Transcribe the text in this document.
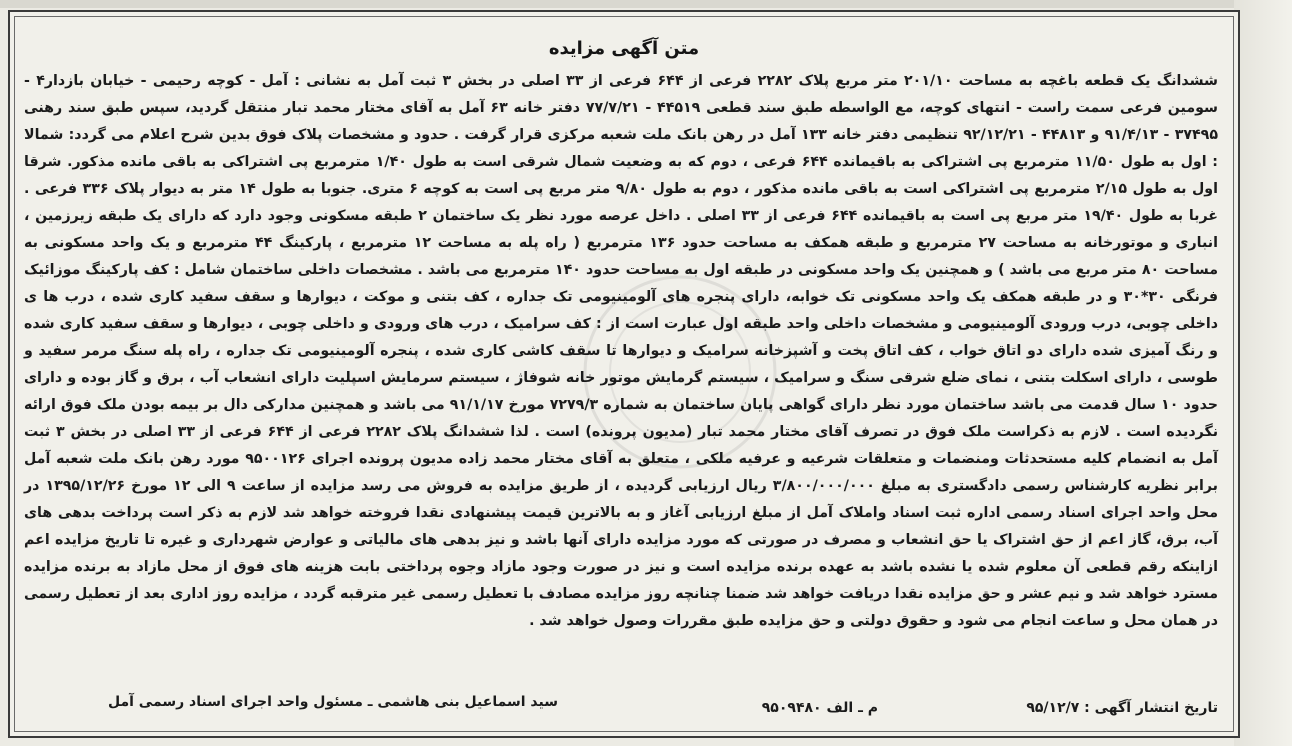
متن آگهی مزایده

ششدانگ یک قطعه باغچه به مساحت ۲۰۱/۱۰ متر مربع پلاک ۲۲۸۲ فرعی از ۶۴۴ فرعی از ۳۳ اصلی در بخش ۳ ثبت آمل به نشانی : آمل - کوچه رحیمی - خیابان بازدار۴ - سومین فرعی سمت راست - انتهای کوچه، مع الواسطه طبق سند قطعی ۴۴۵۱۹ - ۷۷/۷/۲۱ دفتر خانه ۶۳ آمل به آقای مختار محمد تبار منتقل گردید، سپس طبق سند رهنی ۳۷۴۹۵ - ۹۱/۴/۱۳ و ۴۴۸۱۳ - ۹۲/۱۲/۲۱ تنظیمی دفتر خانه ۱۳۳ آمل در رهن بانک ملت شعبه مرکزی قرار گرفت . حدود و مشخصات پلاک فوق بدین شرح اعلام می گردد: شمالا : اول به طول ۱۱/۵۰ مترمربع پی اشتراکی به باقیمانده ۶۴۴ فرعی ، دوم که به وضعیت شمال شرقی است به طول ۱/۴۰ مترمربع پی اشتراکی به باقی مانده مذکور. شرقا اول به طول ۲/۱۵ مترمربع پی اشتراکی است به باقی مانده مذکور ، دوم به طول ۹/۸۰ متر مربع پی است به کوچه ۶ متری. جنوبا به طول ۱۴ متر به دیوار پلاک ۳۳۶ فرعی . غربا به طول ۱۹/۴۰ متر مربع پی است به باقیمانده ۶۴۴ فرعی از ۳۳ اصلی . داخل عرصه مورد نظر یک ساختمان ۲ طبقه مسکونی وجود دارد که دارای یک طبقه زیرزمین ، انباری و موتورخانه به مساحت ۲۷ مترمربع و طبقه همکف به مساحت حدود ۱۳۶ مترمربع ( راه پله به مساحت ۱۲ مترمربع ، پارکینگ ۴۴ مترمربع و یک واحد مسکونی به مساحت ۸۰ متر مربع می باشد ) و همچنین یک واحد مسکونی در طبقه اول به مساحت حدود ۱۴۰ مترمربع می باشد . مشخصات داخلی ساختمان شامل : کف پارکینگ موزائیک فرنگی ۳۰*۳۰ و در طبقه همکف یک واحد مسکونی تک خوابه، دارای پنجره های آلومینیومی تک جداره ، کف بتنی و موکت ، دیوارها و سقف سفید کاری شده ، درب ها ی داخلی چوبی، درب ورودی آلومینیومی و مشخصات داخلی واحد طبقه اول عبارت است از : کف سرامیک ، درب های ورودی و داخلی چوبی ، دیوارها و سقف سفید کاری شده و رنگ آمیزی شده دارای دو اتاق خواب ، کف اتاق پخت و آشپزخانه سرامیک و دیوارها تا سقف کاشی کاری شده ، پنجره آلومینیومی تک جداره ، راه پله سنگ مرمر سفید و طوسی ، دارای اسکلت بتنی ، نمای ضلع شرقی سنگ و سرامیک ، سیستم گرمایش موتور خانه شوفاژ ، سیستم سرمایش اسپلیت دارای انشعاب آب ، برق و گاز بوده و دارای حدود ۱۰ سال قدمت می باشد ساختمان مورد نظر دارای گواهی پایان ساختمان به شماره ۷۲۷۹/۳ مورخ ۹۱/۱/۱۷ می باشد و همچنین مدارکی دال بر بیمه بودن ملک فوق ارائه نگردیده است . لازم به ذکراست ملک فوق در تصرف آقای مختار محمد تبار (مدیون پرونده) است . لذا ششدانگ پلاک ۲۲۸۲ فرعی از ۶۴۴ فرعی از ۳۳ اصلی در بخش ۳ ثبت آمل به انضمام کلیه مستحدثات ومنضمات و متعلقات شرعیه و عرفیه ملکی ، متعلق به آقای مختار محمد زاده مدیون پرونده اجرای ۹۵۰۰۱۲۶ مورد رهن بانک ملت شعبه آمل برابر نظریه کارشناس رسمی دادگستری به مبلغ ۳/۸۰۰/۰۰۰/۰۰۰ ریال ارزیابی گردیده ، از طریق مزایده به فروش می رسد مزایده از ساعت ۹ الی ۱۲ مورخ ۱۳۹۵/۱۲/۲۶ در محل واحد اجرای اسناد رسمی اداره ثبت اسناد واملاک آمل از مبلغ ارزیابی آغاز و به بالاترین قیمت پیشنهادی نقدا فروخته خواهد شد لازم به ذکر است پرداخت بدهی های آب، برق، گاز اعم از حق اشتراک یا حق انشعاب و مصرف در صورتی که مورد مزایده دارای آنها باشد و نیز بدهی های مالیاتی و عوارض شهرداری و غیره تا تاریخ مزایده اعم ازاینکه رقم قطعی آن معلوم شده یا نشده باشد به عهده برنده مزایده است و نیز در صورت وجود مازاد وجوه پرداختی بابت هزینه های فوق از محل مازاد به برنده مزایده مسترد خواهد شد و نیم عشر و حق مزایده نقدا دریافت خواهد شد ضمنا چنانچه روز مزایده مصادف با تعطیل رسمی غیر مترقبه گردد ، مزایده روز اداری بعد از تعطیل رسمی در همان محل و ساعت انجام می شود و حقوق دولتی و حق مزایده طبق مقررات وصول خواهد شد .

تاریخ انتشار آگهی : ۹۵/۱۲/۷
م ـ الف ۹۵۰۹۴۸۰
سید اسماعیل بنی هاشمی ـ مسئول واحد اجرای اسناد رسمی آمل
